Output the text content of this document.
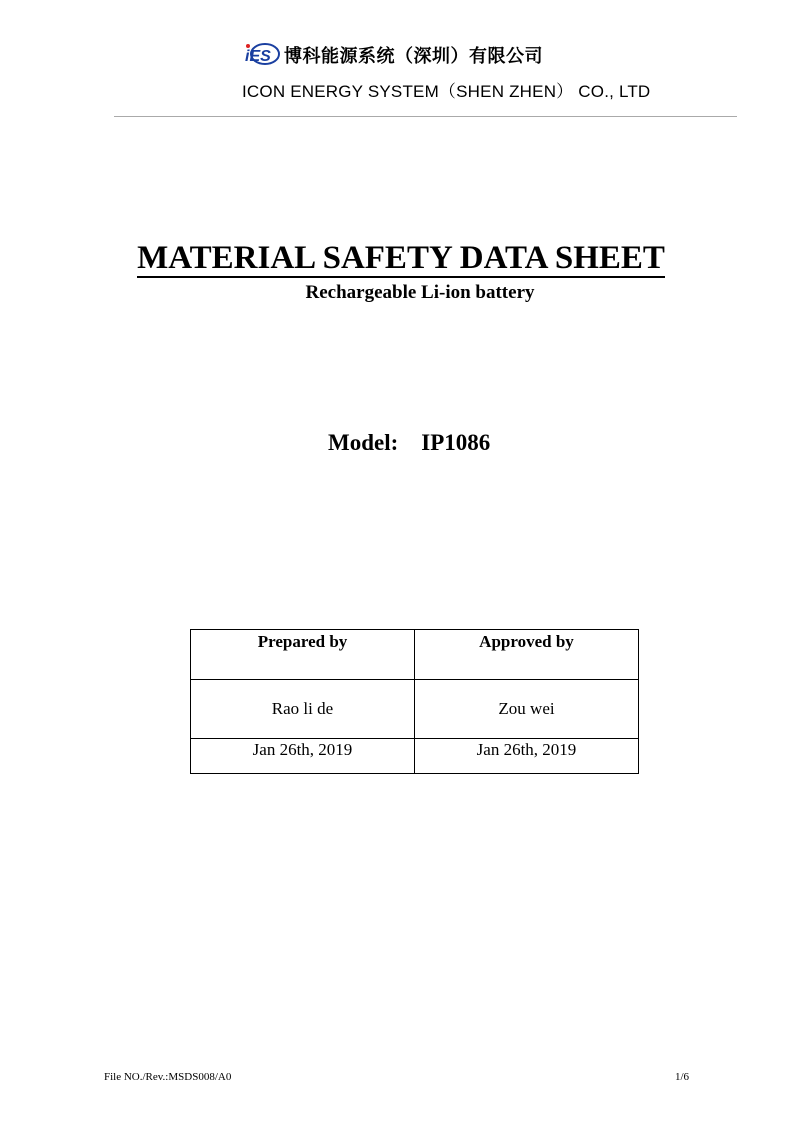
iES 博科能源系统（深圳）有限公司
ICON ENERGY SYSTEM（SHEN ZHEN） CO., LTD
MATERIAL SAFETY DATA SHEET
Rechargeable Li-ion battery
Model: IP1086
Prepared by	Approved by
Rao li de	Zou wei
Jan 26th, 2019	Jan 26th, 2019
File NO./Rev.:MSDS008/A0	1/6
